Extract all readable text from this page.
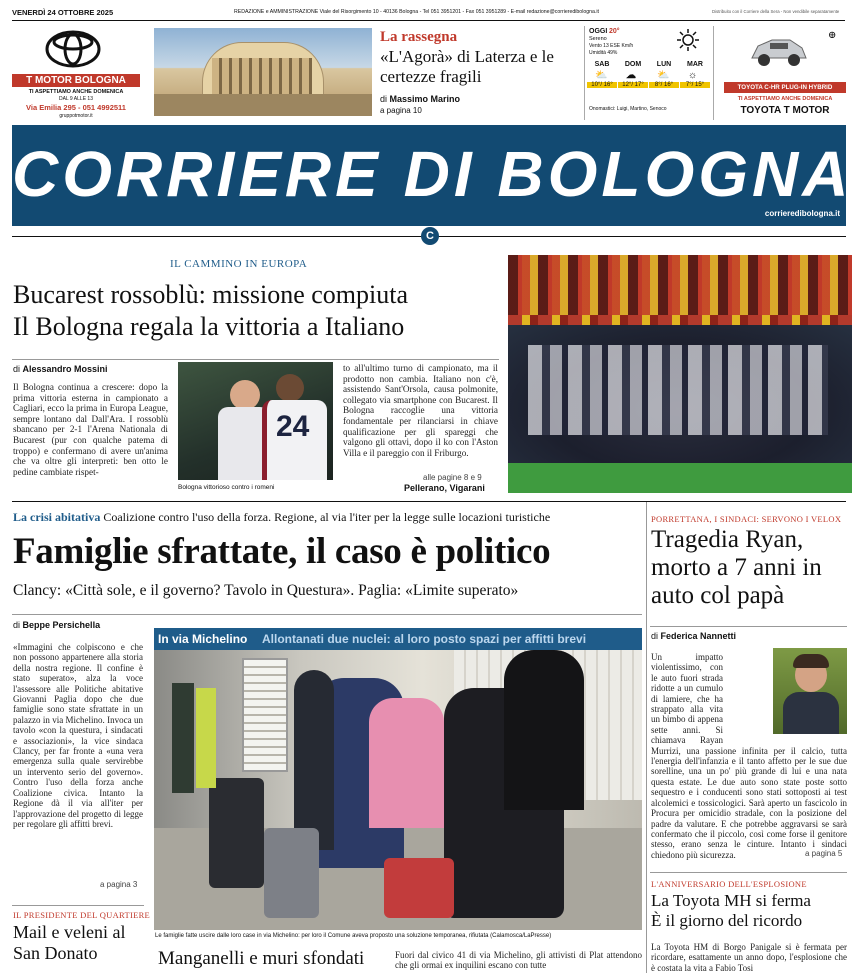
VENERDÌ 24 OTTOBRE 2025	REDAZIONE e AMMINISTRAZIONE Viale del Risorgimento 10 - 40136 Bologna - Tel 051 3951201 - Fax 051 3951289 - E-mail redazione@corrieredibologna.it	Distribuito con il Corriere della Sera - Non vendibile separatamente
T MOTOR BOLOGNA
TI ASPETTIAMO ANCHE DOMENICA
DAL 9 ALLE 13
Via Emilia 295 - 051 4992511
gruppotmotor.it
La rassegna
«L'Agorà» di Laterza e le certezze fragili
di Massimo Marino
a pagina 10
OGGI 20°
Sereno
Vento 13 ESE Km/h
Umidità 49%
SAB
⛅
10°/ 16°
DOM
☁
12°/ 17°
LUN
⛅
8°/ 16°
MAR
☼
7°/ 15°
Onomastici: Luigi, Martino, Senoco
⊕
TOYOTA C-HR PLUG-IN HYBRID
TI ASPETTIAMO ANCHE DOMENICA
TOYOTA T MOTOR
CORRIERE DI BOLOGNA
corrieredibologna.it
C
IL CAMMINO IN EUROPA
Bucarest rossoblù: missione compiuta
Il Bologna regala la vittoria a Italiano
di Alessandro Mossini
Il Bologna continua a crescere: dopo la prima vittoria esterna in campionato a Cagliari, ecco la prima in Europa League, sempre lontano dal Dall'Ara. I rossoblù sbancano per 2-1 l'Arena Nationala di Bucarest (pur con qualche patema di troppo) e confermano di avere un'anima che va oltre gli interpreti: ben otto le pedine cambiate rispet-
24
Bologna vittorioso contro i romeni
to all'ultimo turno di campionato, ma il prodotto non cambia. Italiano non c'è, assistendo Sant'Orsola, causa polmonite, collegato via smartphone con Bucarest. Il Bologna raccoglie una vittoria fondamentale per rilanciarsi in chiave qualificazione per gli spareggi che valgono gli ottavi, dopo il ko con l'Aston Villa e il pareggio con il Friburgo.
alle pagine 8 e 9
Pellerano, Vigarani
La crisi abitativa Coalizione contro l'uso della forza. Regione, al via l'iter per la legge sulle locazioni turistiche
Famiglie sfrattate, il caso è politico
Clancy: «Città sole, e il governo? Tavolo in Questura». Paglia: «Limite superato»
di Beppe Persichella
«Immagini che colpiscono e che non possono appartenere alla storia della nostra regione. Il confine è stato superato», alza la voce l'assessore alle Politiche abitative Giovanni Paglia dopo che due famiglie sono state sfrattate in un palazzo in via Michelino. Invoca un tavolo «con la questura, i sindacati e associazioni», la vice sindaca Clancy, per far fronte a «una vera emergenza sulla quale servirebbe un intervento serio del governo». Contro l'uso della forza anche Coalizione civica. Intanto la Regione dà il via all'iter per l'approvazione del progetto di legge per regolare gli affitti brevi.
a pagina 3
In via Michelino Allontanati due nuclei: al loro posto spazi per affitti brevi
Le famiglie fatte uscire dalle loro case in via Michelino: per loro il Comune aveva proposto una soluzione temporanea, rifiutata (Calamosca/LaPresse)
IL PRESIDENTE DEL QUARTIERE
Mail e veleni al San Donato	Manganelli e muri sfondati	Fuori dal civico 41 di via Michelino, gli attivisti di Plat attendono che gli ormai ex inquilini escano con tutte
PORRETTANA, I SINDACI: SERVONO I VELOX
Tragedia Ryan, morto a 7 anni in auto col papà
di Federica Nannetti
Un impatto violentissimo, con le auto fuori strada ridotte a un cumulo di lamiere, che ha strappato alla vita un bimbo di appena sette anni. Si chiamava Rayan Murrizi, una passione infinita per il calcio, tutta l'energia dell'infanzia e il tanto affetto per le sue due sorelline, una un po' più grande di lui e una nata questa estate. Le due auto sono state poste sotto sequestro e i conducenti sono stati sottoposti ai test alcolemici e tossicologici. Sarà aperto un fascicolo in Procura per omicidio stradale, con la posizione del padre da valutare. E che potrebbe aggravarsi se sarà confermato che il piccolo, così come forse il genitore stesso, erano senza le cinture. Intanto i sindaci chiedono più sicurezza.	a pagina 5
L'ANNIVERSARIO DELL'ESPLOSIONE
La Toyota MH si ferma
È il giorno del ricordo
La Toyota HM di Borgo Panigale si è fermata per ricordare, esattamente un anno dopo, l'esplosione che è costata la vita a Fabio Tosi
